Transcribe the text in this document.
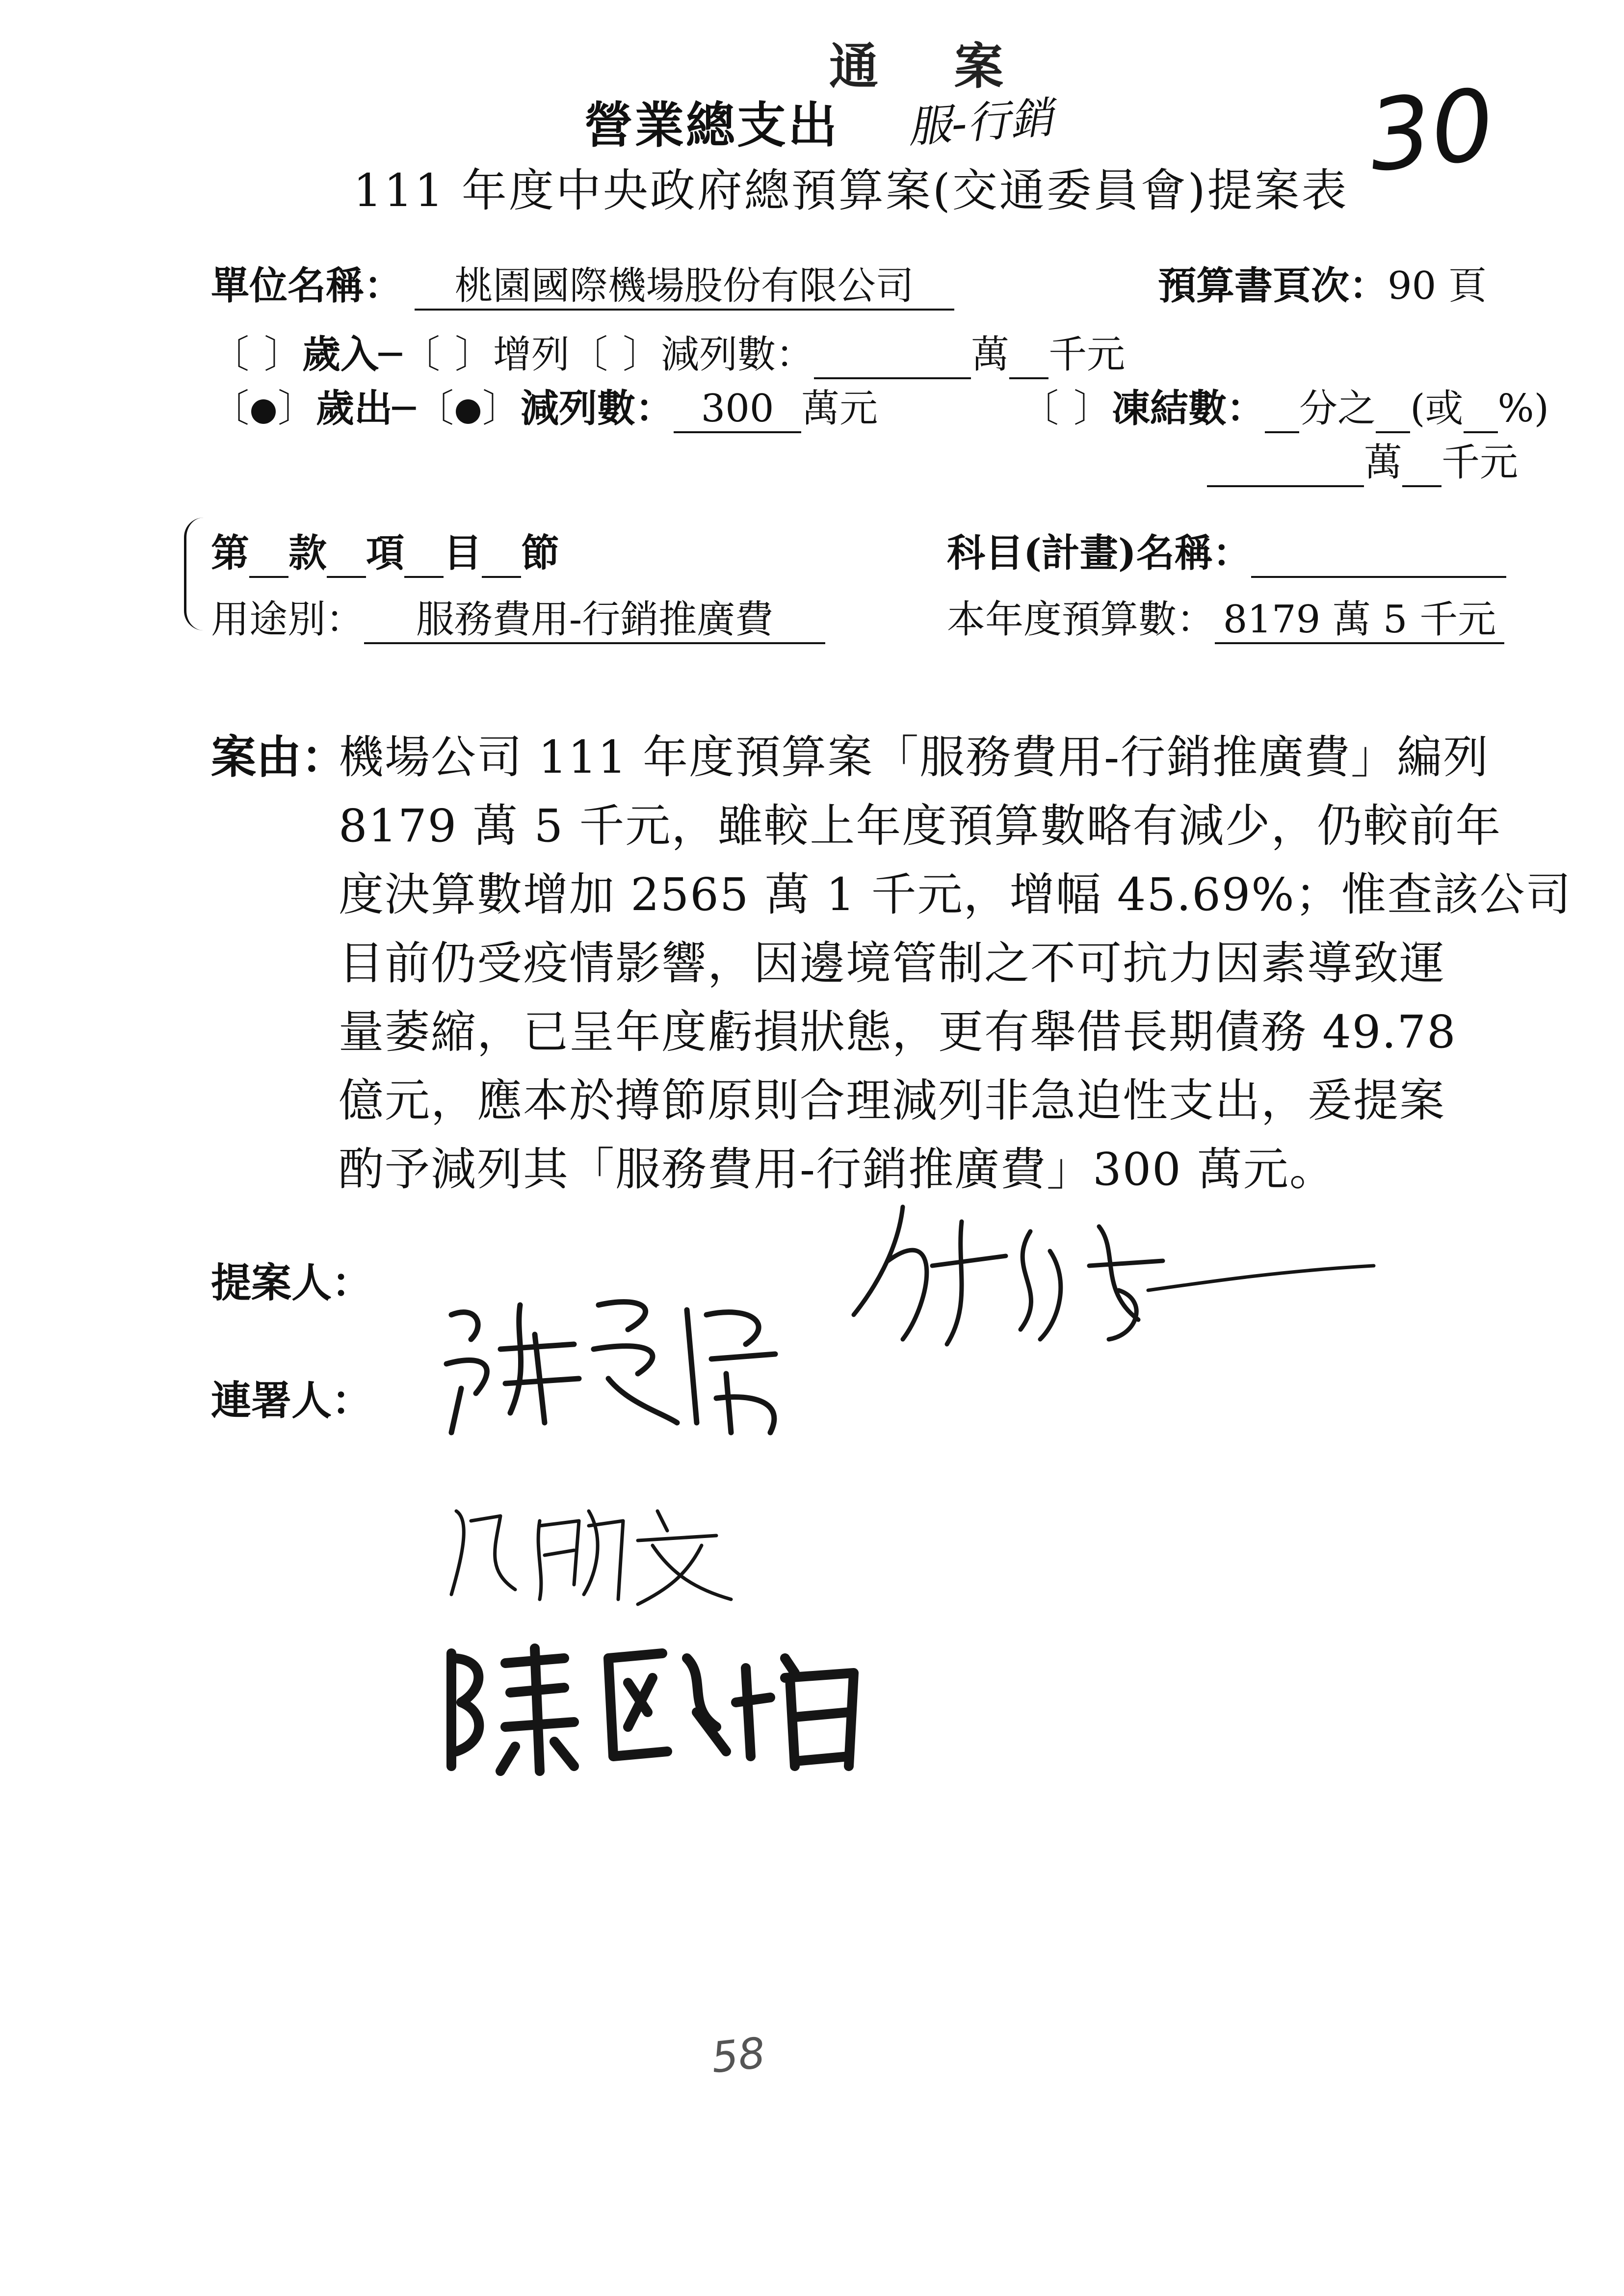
通 案
營業總支出 服-行銷	30
111 年度中央政府總預算案(交通委員會)提案表
單位名稱： 桃園國際機場股份有限公司	預算書頁次：90 頁
〔 〕歲入─〔 〕增列〔 〕減列數：	萬 千元
〔 〕歲出─〔 〕減列數： 300 萬元	〔 〕凍結數： 分之 (或 %)
萬 千元
第 款 項 目 節	科目(計畫)名稱：
用途別： 服務費用-行銷推廣費	本年度預算數： 8179 萬 5 千元
案由：
機場公司 111 年度預算案「服務費用-行銷推廣費」編列
8179 萬 5 千元，雖較上年度預算數略有減少，仍較前年
度決算數增加 2565 萬 1 千元，增幅 45.69%；惟查該公司
目前仍受疫情影響，因邊境管制之不可抗力因素導致運
量萎縮，已呈年度虧損狀態，更有舉借長期債務 49.78
億元，應本於撙節原則合理減列非急迫性支出，爰提案
酌予減列其「服務費用-行銷推廣費」300 萬元。
提案人：
連署人：
58
